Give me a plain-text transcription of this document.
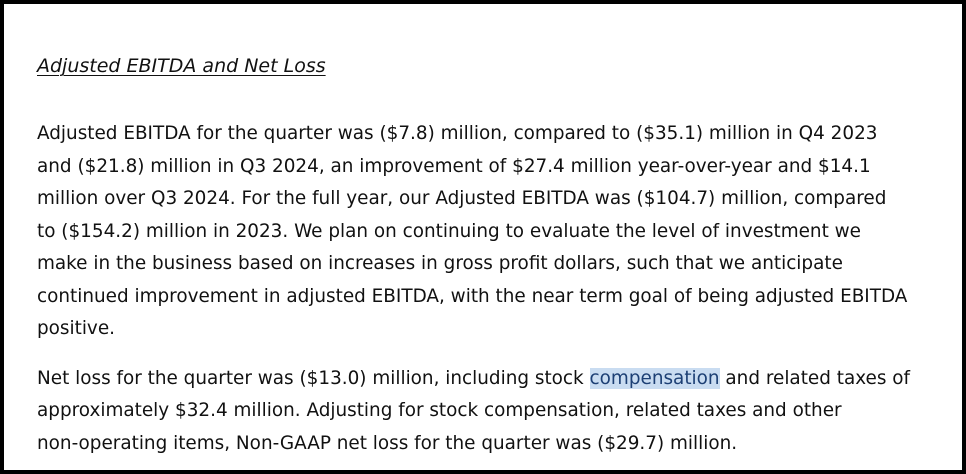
Adjusted EBITDA and Net Loss

Adjusted EBITDA for the quarter was ($7.8) million, compared to ($35.1) million in Q4 2023
and ($21.8) million in Q3 2024, an improvement of $27.4 million year-over-year and $14.1
million over Q3 2024. For the full year, our Adjusted EBITDA was ($104.7) million, compared
to ($154.2) million in 2023. We plan on continuing to evaluate the level of investment we
make in the business based on increases in gross profit dollars, such that we anticipate
continued improvement in adjusted EBITDA, with the near term goal of being adjusted EBITDA
positive.

Net loss for the quarter was ($13.0) million, including stock compensation and related taxes of
approximately $32.4 million. Adjusting for stock compensation, related taxes and other
non-operating items, Non-GAAP net loss for the quarter was ($29.7) million.
